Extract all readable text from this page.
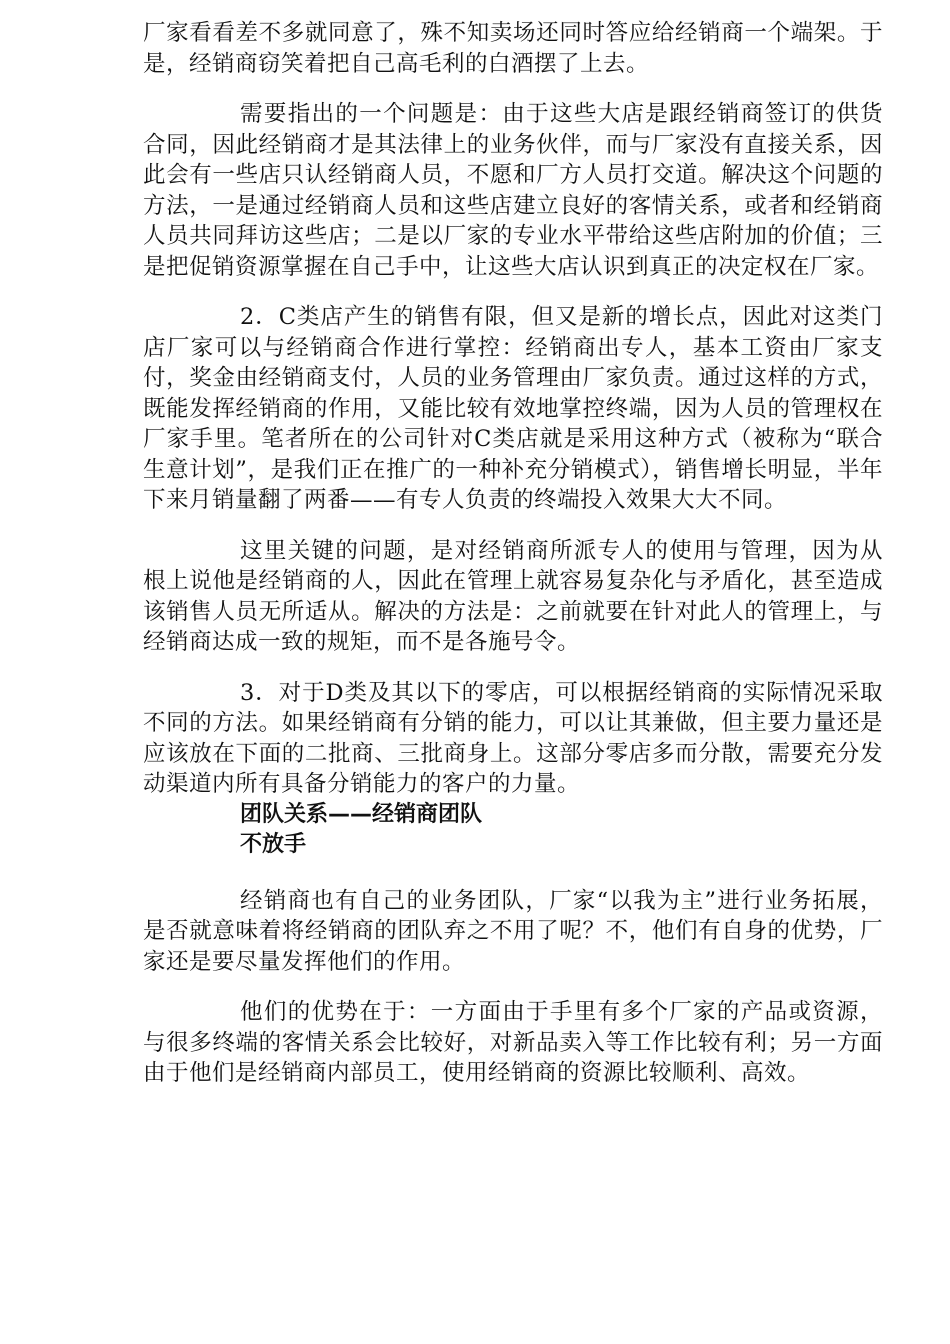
厂家看看差不多就同意了，殊不知卖场还同时答应给经销商一个端架。于是，经销商窃笑着把自己高毛利的白酒摆了上去。

需要指出的一个问题是：由于这些大店是跟经销商签订的供货合同，因此经销商才是其法律上的业务伙伴，而与厂家没有直接关系，因此会有一些店只认经销商人员，不愿和厂方人员打交道。解决这个问题的方法，一是通过经销商人员和这些店建立良好的客情关系，或者和经销商人员共同拜访这些店；二是以厂家的专业水平带给这些店附加的价值；三是把促销资源掌握在自己手中，让这些大店认识到真正的决定权在厂家。

2．C类店产生的销售有限，但又是新的增长点，因此对这类门店厂家可以与经销商合作进行掌控：经销商出专人，基本工资由厂家支付，奖金由经销商支付，人员的业务管理由厂家负责。通过这样的方式，既能发挥经销商的作用，又能比较有效地掌控终端，因为人员的管理权在厂家手里。笔者所在的公司针对C类店就是采用这种方式（被称为“联合生意计划”，是我们正在推广的一种补充分销模式），销售增长明显，半年下来月销量翻了两番——有专人负责的终端投入效果大大不同。

这里关键的问题，是对经销商所派专人的使用与管理，因为从根上说他是经销商的人，因此在管理上就容易复杂化与矛盾化，甚至造成该销售人员无所适从。解决的方法是：之前就要在针对此人的管理上，与经销商达成一致的规矩，而不是各施号令。

3．对于D类及其以下的零店，可以根据经销商的实际情况采取不同的方法。如果经销商有分销的能力，可以让其兼做，但主要力量还是应该放在下面的二批商、三批商身上。这部分零店多而分散，需要充分发动渠道内所有具备分销能力的客户的力量。

团队关系——经销商团队

不放手

经销商也有自己的业务团队，厂家“以我为主”进行业务拓展，是否就意味着将经销商的团队弃之不用了呢？不，他们有自身的优势，厂家还是要尽量发挥他们的作用。

他们的优势在于：一方面由于手里有多个厂家的产品或资源，与很多终端的客情关系会比较好，对新品卖入等工作比较有利；另一方面由于他们是经销商内部员工，使用经销商的资源比较顺利、高效。
